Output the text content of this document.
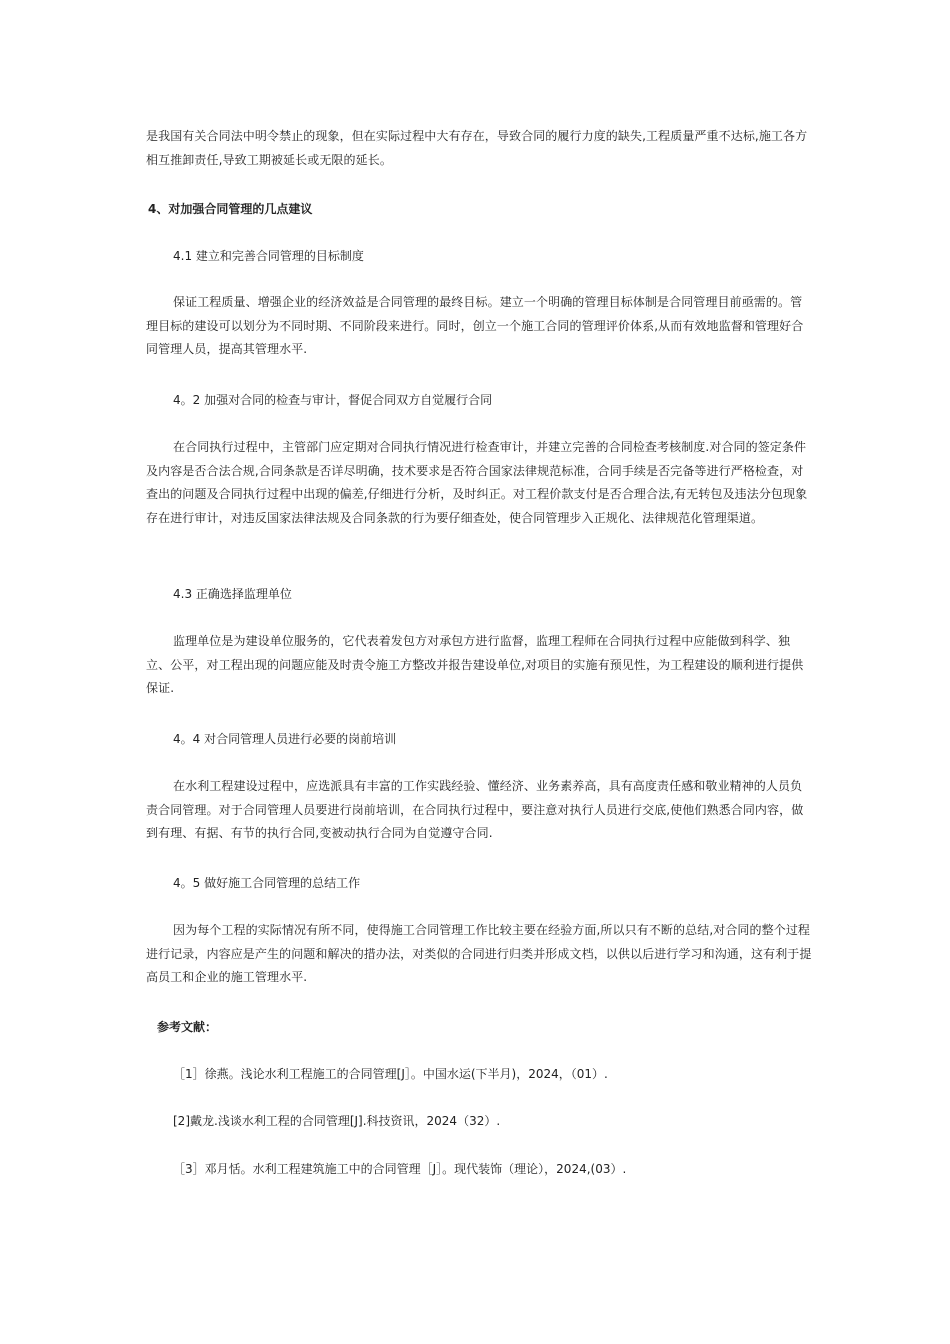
是我国有关合同法中明令禁止的现象，但在实际过程中大有存在，导致合同的履行力度的缺失,工程质量严重不达标,施工各方相互推卸责任,导致工期被延长或无限的延长。

4、对加强合同管理的几点建议

4.1 建立和完善合同管理的目标制度

保证工程质量、增强企业的经济效益是合同管理的最终目标。建立一个明确的管理目标体制是合同管理目前亟需的。管理目标的建设可以划分为不同时期、不同阶段来进行。同时，创立一个施工合同的管理评价体系,从而有效地监督和管理好合同管理人员，提高其管理水平.

4。2 加强对合同的检查与审计，督促合同双方自觉履行合同

在合同执行过程中，主管部门应定期对合同执行情况进行检查审计，并建立完善的合同检查考核制度.对合同的签定条件及内容是否合法合规,合同条款是否详尽明确，技术要求是否符合国家法律规范标准，合同手续是否完备等进行严格检查，对查出的问题及合同执行过程中出现的偏差,仔细进行分析，及时纠正。对工程价款支付是否合理合法,有无转包及违法分包现象存在进行审计，对违反国家法律法规及合同条款的行为要仔细查处，使合同管理步入正规化、法律规范化管理渠道。

4.3 正确选择监理单位

监理单位是为建设单位服务的，它代表着发包方对承包方进行监督，监理工程师在合同执行过程中应能做到科学、独立、公平，对工程出现的问题应能及时责令施工方整改并报告建设单位,对项目的实施有预见性，为工程建设的顺利进行提供保证.

4。4 对合同管理人员进行必要的岗前培训

在水利工程建设过程中，应选派具有丰富的工作实践经验、懂经济、业务素养高，具有高度责任感和敬业精神的人员负责合同管理。对于合同管理人员要进行岗前培训，在合同执行过程中，要注意对执行人员进行交底,使他们熟悉合同内容，做到有理、有据、有节的执行合同,变被动执行合同为自觉遵守合同.

4。5 做好施工合同管理的总结工作

因为每个工程的实际情况有所不同，使得施工合同管理工作比较主要在经验方面,所以只有不断的总结,对合同的整个过程进行记录，内容应是产生的问题和解决的措办法，对类似的合同进行归类并形成文档，以供以后进行学习和沟通，这有利于提高员工和企业的施工管理水平.

参考文献：

［1］徐燕。浅论水利工程施工的合同管理[J］。中国水运(下半月)，2024，（01）.

[2]戴龙.浅谈水利工程的合同管理[J].科技资讯，2024（32）.

［3］邓月恬。水利工程建筑施工中的合同管理［J］。现代装饰（理论），2024,(03）.
